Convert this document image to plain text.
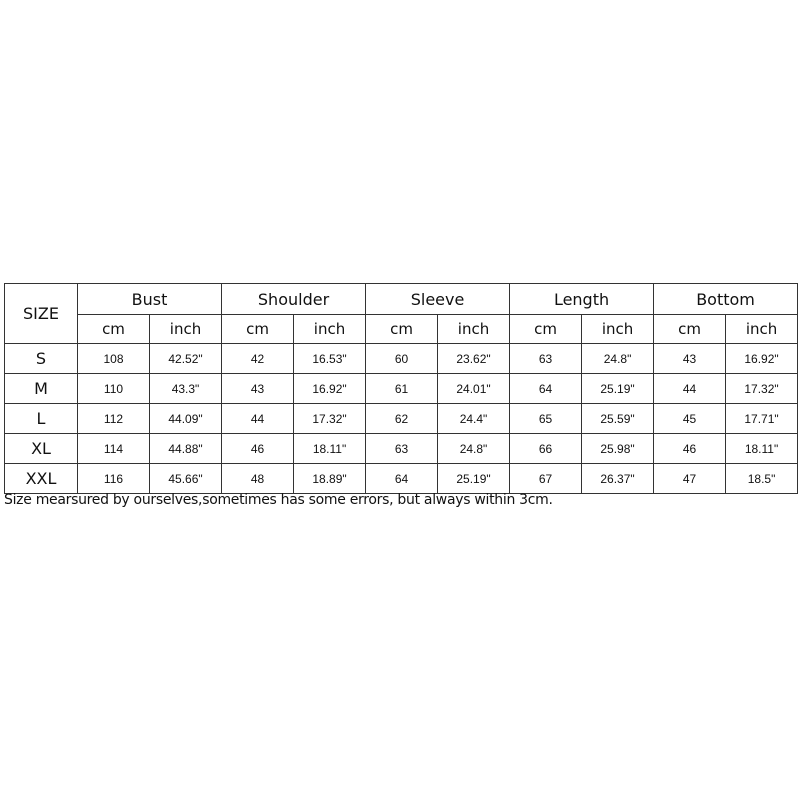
SIZE	Bust		Shoulder		Sleeve		Length		Bottom	
	cm	inch	cm	inch	cm	inch	cm	inch	cm	inch
S	108	42.52"	42	16.53"	60	23.62"	63	24.8"	43	16.92"
M	110	43.3"	43	16.92"	61	24.01"	64	25.19"	44	17.32"
L	112	44.09"	44	17.32"	62	24.4"	65	25.59"	45	17.71"
XL	114	44.88"	46	18.11"	63	24.8"	66	25.98"	46	18.11"
XXL	116	45.66"	48	18.89"	64	25.19"	67	26.37"	47	18.5"
Size mearsured by ourselves,sometimes has some errors, but always within 3cm.
